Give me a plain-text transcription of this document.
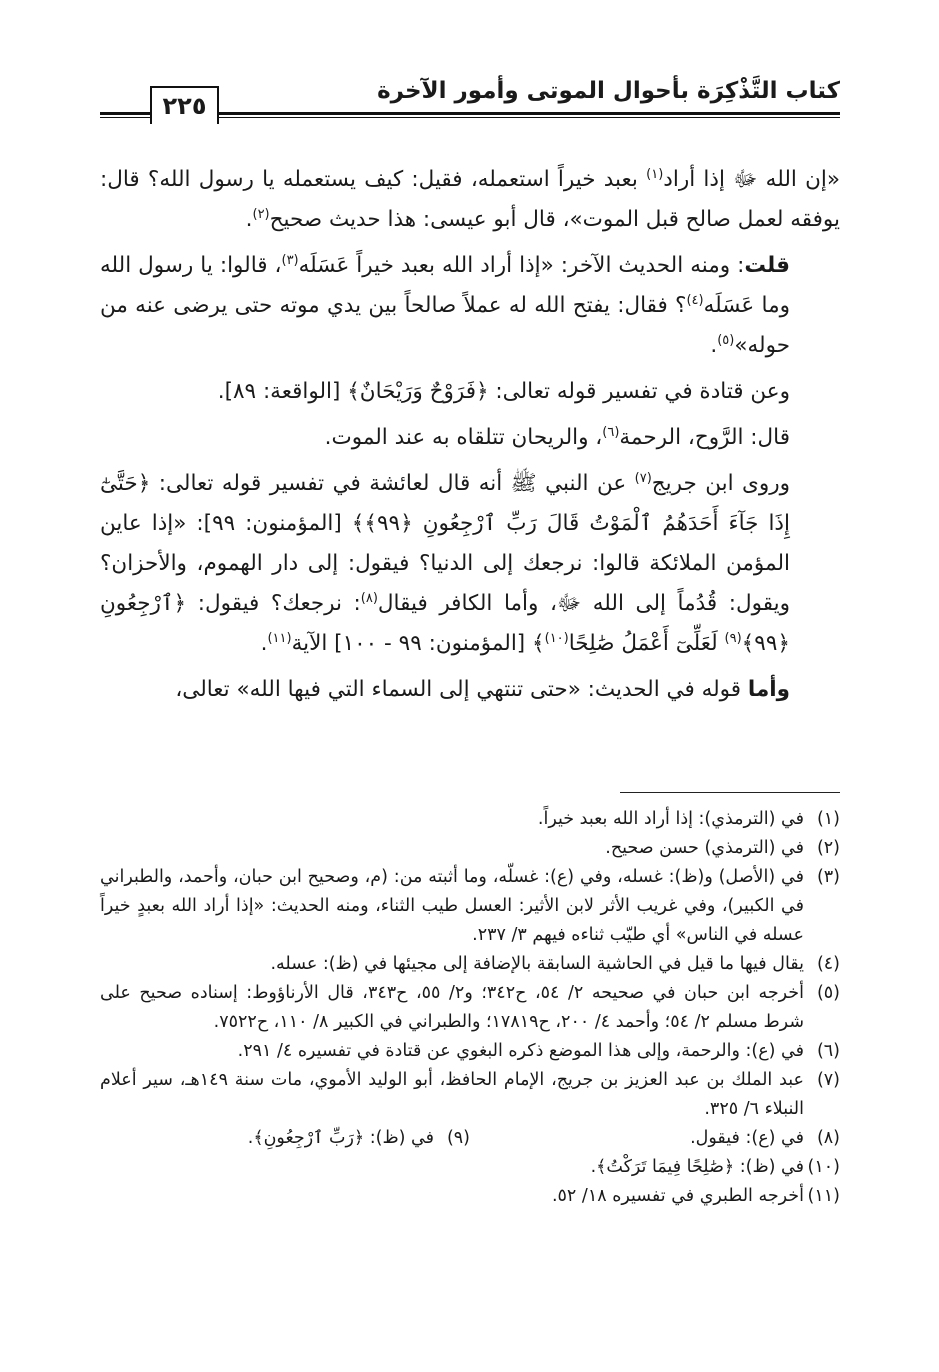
٢٢٥
كتاب التَّذْكِرَة بأحوال الموتى وأمور الآخرة

«إن الله ﷻ إذا أراد$^{(١)}$ بعبد خيراً استعمله، فقيل: كيف يستعمله يا رسول الله؟ قال: يوفقه لعمل صالح قبل الموت»، قال أبو عيسى: هذا حديث صحيح$^{(٢)}$.

قلت: ومنه الحديث الآخر: «إذا أراد الله بعبد خيراً عَسَلَه$^{(٣)}$، قالوا: يا رسول الله وما عَسَلَه$^{(٤)}$؟ فقال: يفتح الله له عملاً صالحاً بين يدي موته حتى يرضى عنه من حوله»$^{(٥)}$.

وعن قتادة في تفسير قوله تعالى: ﴿فَرَوْحٌ وَرَيْحَانٌ﴾ [الواقعة: ٨٩].

قال: الرَّوح، الرحمة$^{(٦)}$، والريحان تتلقاه به عند الموت.

وروى ابن جريج$^{(٧)}$ عن النبي ﷺ أنه قال لعائشة في تفسير قوله تعالى: ﴿حَتَّىٰٓ إِذَا جَآءَ أَحَدَهُمُ ٱلْمَوْتُ قَالَ رَبِّ ٱرْجِعُونِ ﴿٩٩﴾﴾ [المؤمنون: ٩٩]: «إذا عاين المؤمن الملائكة قالوا: نرجعك إلى الدنيا؟ فيقول: إلى دار الهموم، والأحزان؟ ويقول: قُدُماً إلى الله ﷻ، وأما الكافر فيقال$^{(٨)}$: نرجعك؟ فيقول: ﴿ٱرْجِعُونِ ﴿٩٩﴾$^{(٩)}$ لَعَلِّىٓ أَعْمَلُ صَٰلِحًا$^{(١٠)}$﴾ [المؤمنون: ٩٩ - ١٠٠] الآية$^{(١١)}$.

وأما قوله في الحديث: «حتى تنتهي إلى السماء التي فيها الله» تعالى،

(١)
في (الترمذي): إذا أراد الله بعبد خيراً.
(٢)
في (الترمذي) حسن صحيح.
(٣)
في (الأصل) و(ظ): غسله، وفي (ع): غسلّه، وما أثبته من: (م، وصحيح ابن حبان، وأحمد، والطبراني في الكبير)، وفي غريب الأثر لابن الأثير: العسل طيب الثناء، ومنه الحديث: «إذا أراد الله بعبدٍ خيراً عسله في الناس» أي طيّب ثناءه فيهم ٣/ ٢٣٧.
(٤)
يقال فيها ما قيل في الحاشية السابقة بالإضافة إلى مجيئها في (ظ): عسله.
(٥)
أخرجه ابن حبان في صحيحه ٢/ ٥٤، ح٣٤٢؛ و٢/ ٥٥، ح٣٤٣، قال الأرناؤوط: إسناده صحيح على شرط مسلم ٢/ ٥٤؛ وأحمد ٤/ ٢٠٠، ح١٧٨١٩؛ والطبراني في الكبير ٨/ ١١٠، ح٧٥٢٢.
(٦)
في (ع): والرحمة، وإلى هذا الموضع ذكره البغوي عن قتادة في تفسيره ٤/ ٢٩١.
(٧)
عبد الملك بن عبد العزيز بن جريج، الإمام الحافظ، أبو الوليد الأموي، مات سنة ١٤٩هـ، سير أعلام النبلاء ٦/ ٣٢٥.
(٨)
في (ع): فيقول.
(٩)
في (ظ): ﴿رَبِّ ٱرْجِعُونِ﴾.
(١٠)
في (ظ): ﴿صَٰلِحًا فِيمَا تَرَكْتُ﴾.
(١١)
أخرجه الطبري في تفسيره ١٨/ ٥٢.
